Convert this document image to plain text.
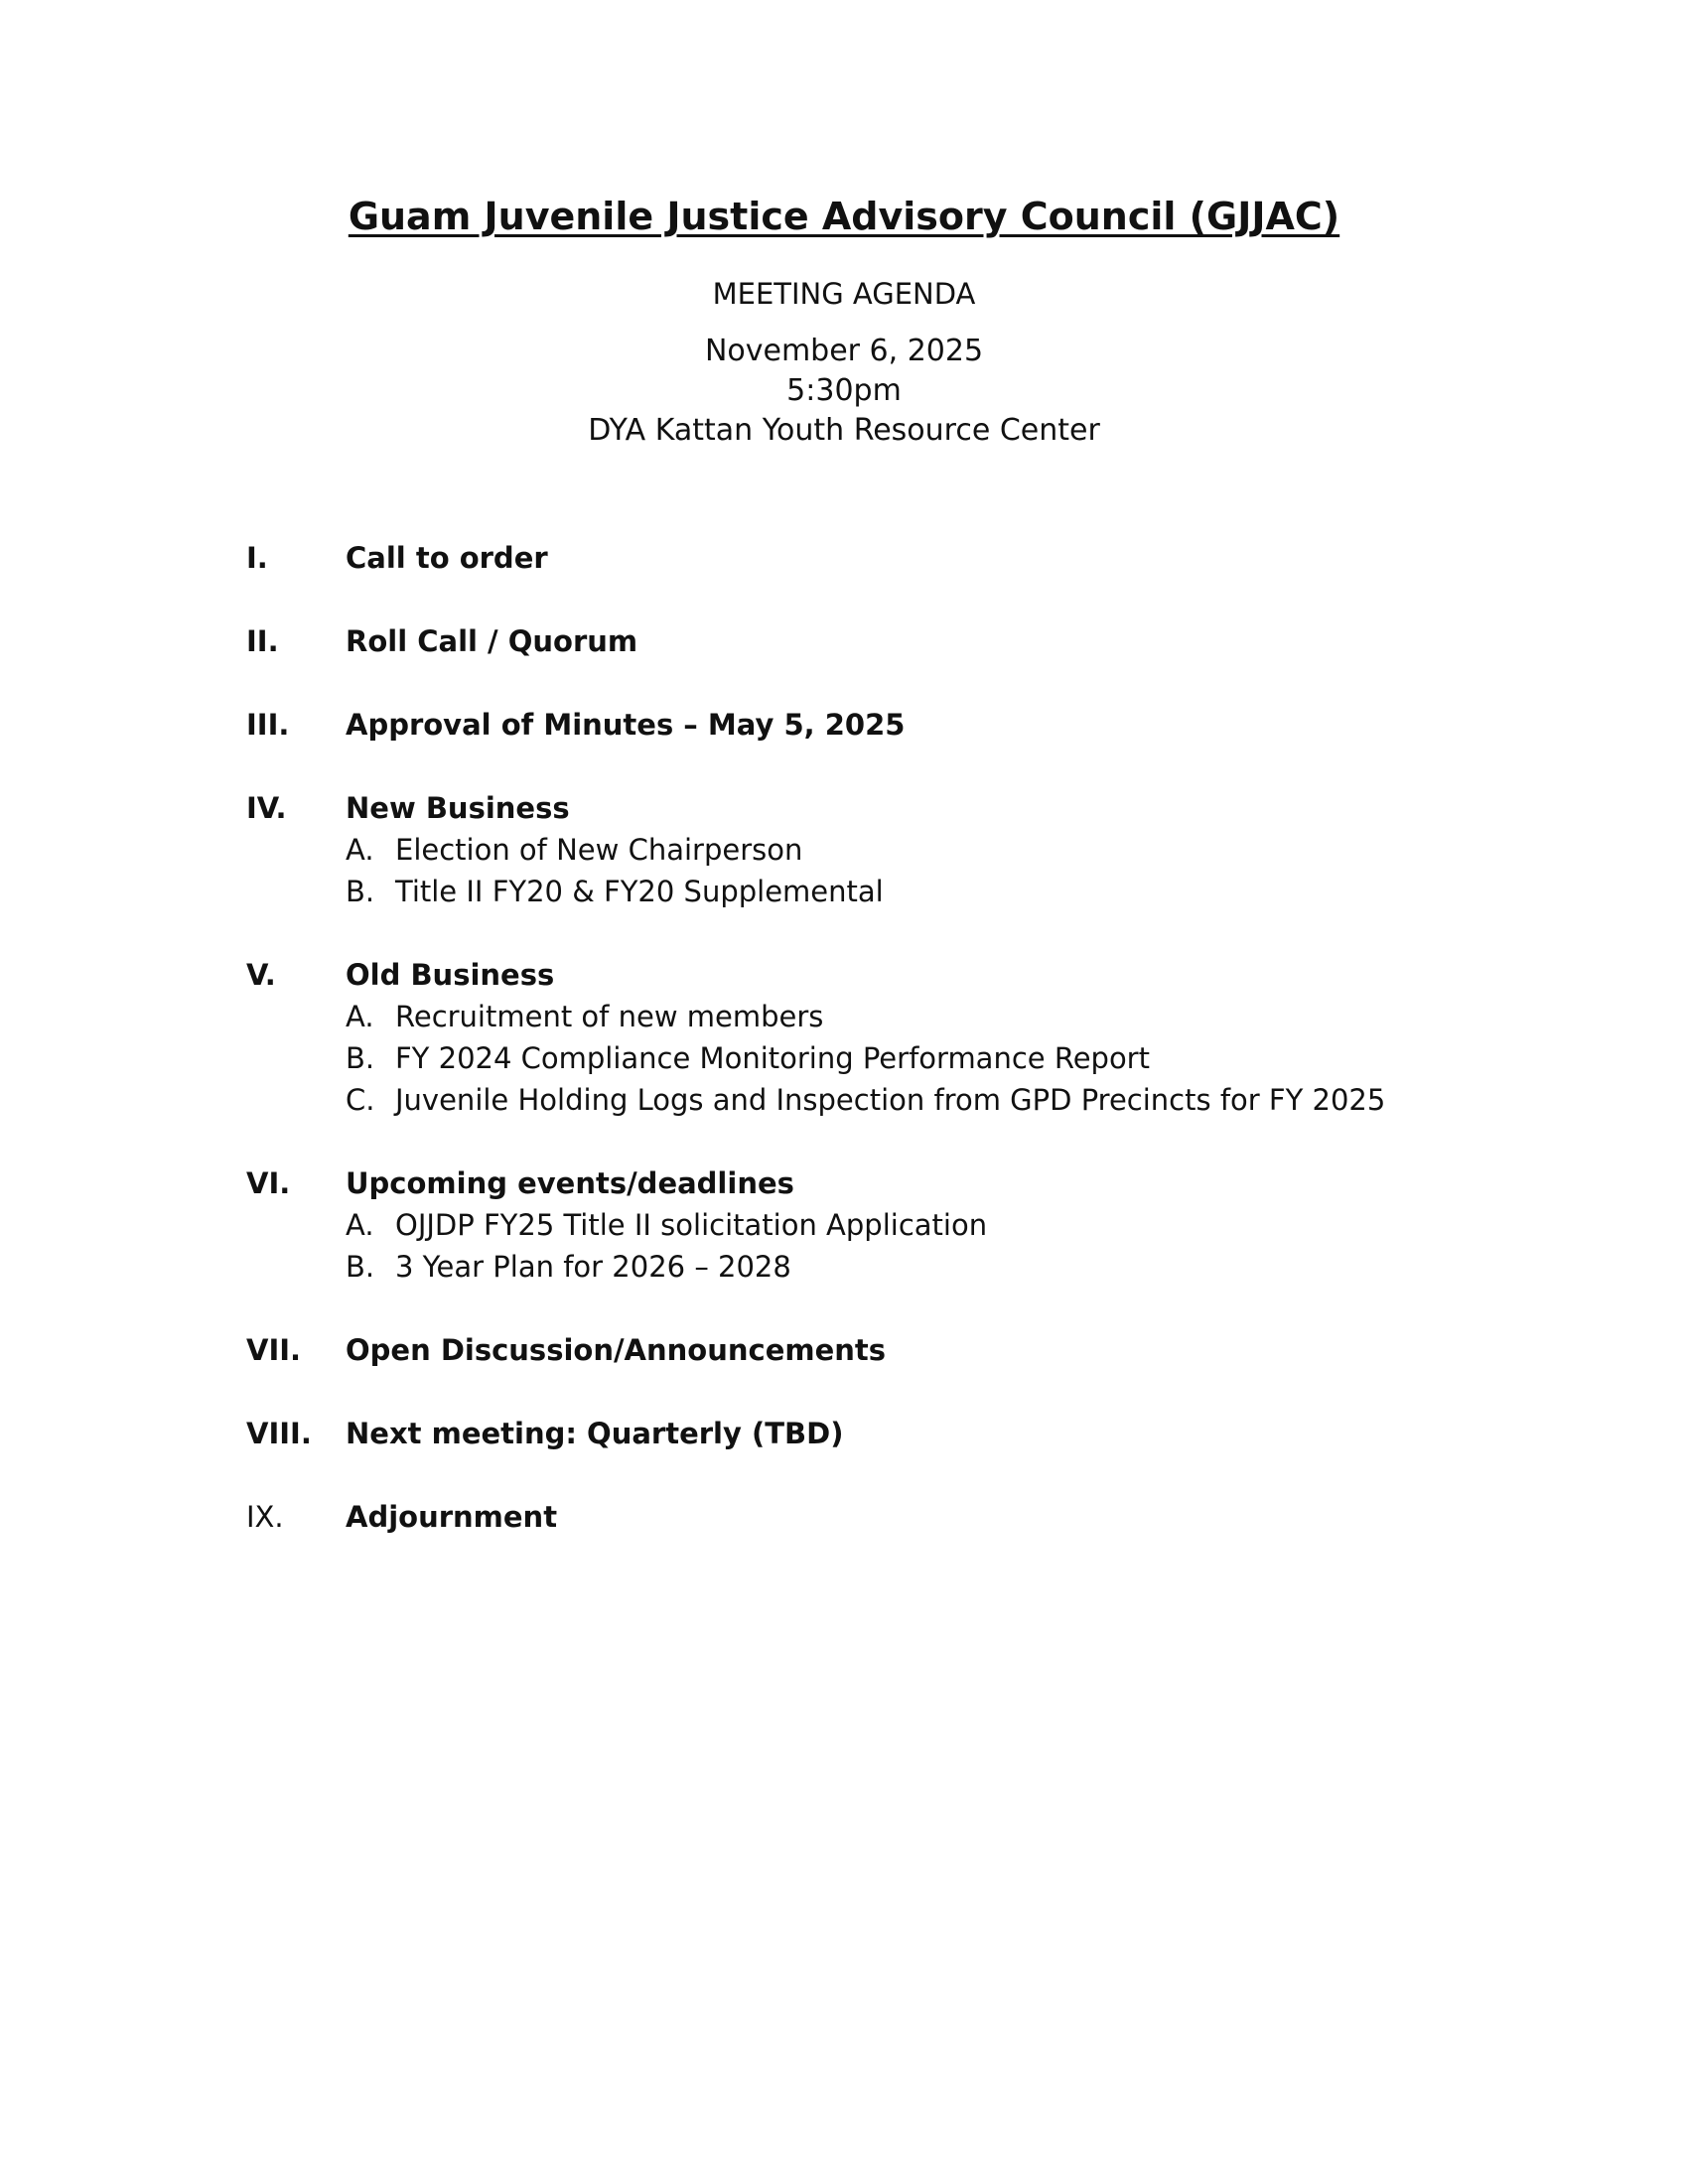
Guam Juvenile Justice Advisory Council (GJJAC)
MEETING AGENDA
November 6, 2025
5:30pm
DYA Kattan Youth Resource Center
I.	Call to order
II.	Roll Call / Quorum
III.	Approval of Minutes – May 5, 2025
IV.	New Business
A. Election of New Chairperson
B. Title II FY20 & FY20 Supplemental
V.	Old Business
A. Recruitment of new members
B. FY 2024 Compliance Monitoring Performance Report
C. Juvenile Holding Logs and Inspection from GPD Precincts for FY 2025
VI.	Upcoming events/deadlines
A. OJJDP FY25 Title II solicitation Application
B. 3 Year Plan for 2026 – 2028
VII.	Open Discussion/Announcements
VIII.	Next meeting: Quarterly (TBD)
IX.	Adjournment
